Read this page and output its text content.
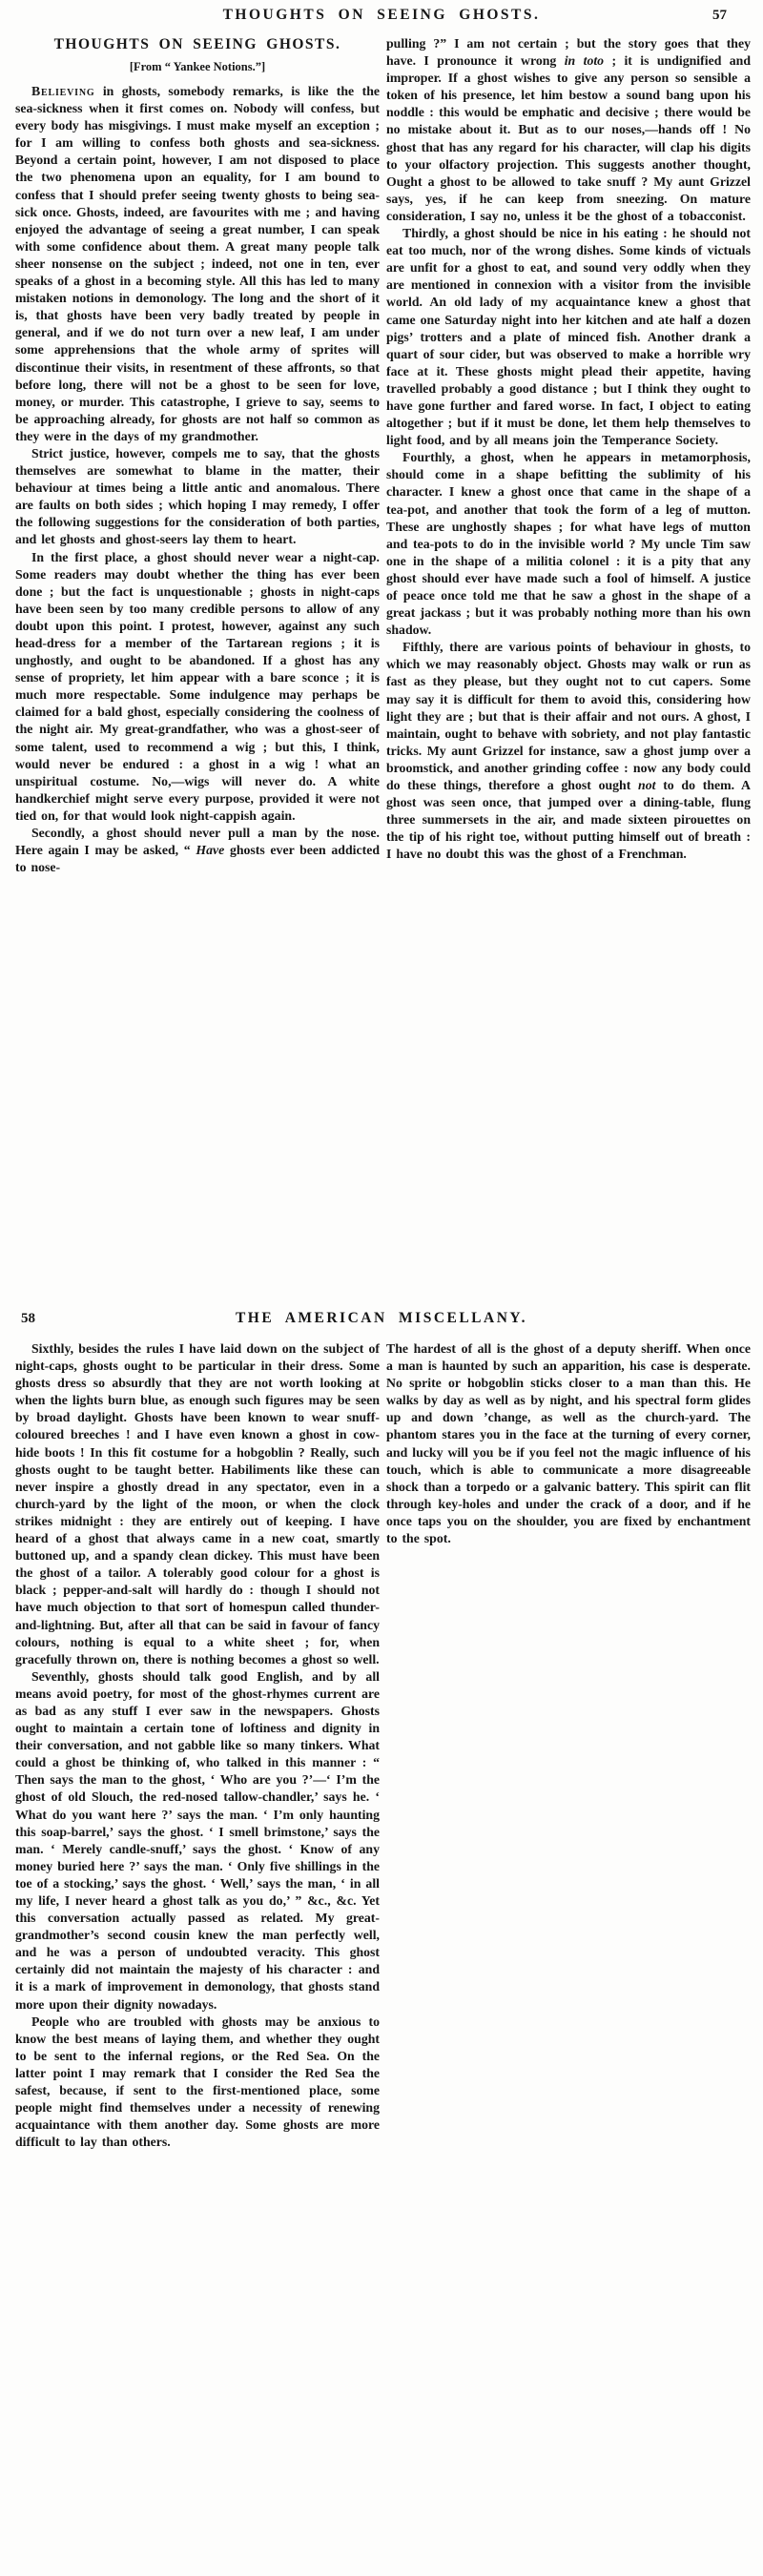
THOUGHTS ON SEEING GHOSTS.	57
THOUGHTS ON SEEING GHOSTS.
[From “ Yankee Notions.”]

Believing in ghosts, somebody remarks, is like the the sea-sickness when it first comes on. Nobody will confess, but every body has misgivings. I must make myself an exception ; for I am willing to confess both ghosts and sea-sickness. Beyond a certain point, however, I am not disposed to place the two phenomena upon an equality, for I am bound to confess that I should prefer seeing twenty ghosts to being sea-sick once. Ghosts, indeed, are favourites with me ; and having enjoyed the advantage of seeing a great number, I can speak with some confidence about them. A great many people talk sheer nonsense on the subject ; indeed, not one in ten, ever speaks of a ghost in a becoming style. All this has led to many mistaken notions in demonology. The long and the short of it is, that ghosts have been very badly treated by people in general, and if we do not turn over a new leaf, I am under some apprehensions that the whole army of sprites will discontinue their visits, in resentment of these affronts, so that before long, there will not be a ghost to be seen for love, money, or murder. This catastrophe, I grieve to say, seems to be approaching already, for ghosts are not half so common as they were in the days of my grandmother.

Strict justice, however, compels me to say, that the ghosts themselves are somewhat to blame in the matter, their behaviour at times being a little antic and anomalous. There are faults on both sides ; which hoping I may remedy, I offer the following suggestions for the consideration of both parties, and let ghosts and ghost-seers lay them to heart.

In the first place, a ghost should never wear a night-cap. Some readers may doubt whether the thing has ever been done ; but the fact is unquestionable ; ghosts in night-caps have been seen by too many credible persons to allow of any doubt upon this point. I protest, however, against any such head-dress for a member of the Tartarean regions ; it is unghostly, and ought to be abandoned. If a ghost has any sense of propriety, let him appear with a bare sconce ; it is much more respectable. Some indulgence may perhaps be claimed for a bald ghost, especially considering the coolness of the night air. My great-grandfather, who was a ghost-seer of some talent, used to recommend a wig ; but this, I think, would never be endured : a ghost in a wig ! what an unspiritual costume. No,—wigs will never do. A white handkerchief might serve every purpose, provided it were not tied on, for that would look night-cappish again.

Secondly, a ghost should never pull a man by the nose. Here again I may be asked, “ Have ghosts ever been addicted to nose-

pulling ?” I am not certain ; but the story goes that they have. I pronounce it wrong in toto ; it is undignified and improper. If a ghost wishes to give any person so sensible a token of his presence, let him bestow a sound bang upon his noddle : this would be emphatic and decisive ; there would be no mistake about it. But as to our noses,—hands off ! No ghost that has any regard for his character, will clap his digits to your olfactory projection. This suggests another thought, Ought a ghost to be allowed to take snuff ? My aunt Grizzel says, yes, if he can keep from sneezing. On mature consideration, I say no, unless it be the ghost of a tobacconist.

Thirdly, a ghost should be nice in his eating : he should not eat too much, nor of the wrong dishes. Some kinds of victuals are unfit for a ghost to eat, and sound very oddly when they are mentioned in connexion with a visitor from the invisible world. An old lady of my acquaintance knew a ghost that came one Saturday night into her kitchen and ate half a dozen pigs’ trotters and a plate of minced fish. Another drank a quart of sour cider, but was observed to make a horrible wry face at it. These ghosts might plead their appetite, having travelled probably a good distance ; but I think they ought to have gone further and fared worse. In fact, I object to eating altogether ; but if it must be done, let them help themselves to light food, and by all means join the Temperance Society.

Fourthly, a ghost, when he appears in metamorphosis, should come in a shape befitting the sublimity of his character. I knew a ghost once that came in the shape of a tea-pot, and another that took the form of a leg of mutton. These are unghostly shapes ; for what have legs of mutton and tea-pots to do in the invisible world ? My uncle Tim saw one in the shape of a militia colonel : it is a pity that any ghost should ever have made such a fool of himself. A justice of peace once told me that he saw a ghost in the shape of a great jackass ; but it was probably nothing more than his own shadow.

Fifthly, there are various points of behaviour in ghosts, to which we may reasonably object. Ghosts may walk or run as fast as they please, but they ought not to cut capers. Some may say it is difficult for them to avoid this, considering how light they are ; but that is their affair and not ours. A ghost, I maintain, ought to behave with sobriety, and not play fantastic tricks. My aunt Grizzel for instance, saw a ghost jump over a broomstick, and another grinding coffee : now any body could do these things, therefore a ghost ought not to do them. A ghost was seen once, that jumped over a dining-table, flung three summersets in the air, and made sixteen pirouettes on the tip of his right toe, without putting himself out of breath : I have no doubt this was the ghost of a Frenchman.

58	THE AMERICAN MISCELLANY.

Sixthly, besides the rules I have laid down on the subject of night-caps, ghosts ought to be particular in their dress. Some ghosts dress so absurdly that they are not worth looking at when the lights burn blue, as enough such figures may be seen by broad daylight. Ghosts have been known to wear snuff-coloured breeches ! and I have even known a ghost in cow-hide boots ! In this fit costume for a hobgoblin ? Really, such ghosts ought to be taught better. Habiliments like these can never inspire a ghostly dread in any spectator, even in a church-yard by the light of the moon, or when the clock strikes midnight : they are entirely out of keeping. I have heard of a ghost that always came in a new coat, smartly buttoned up, and a spandy clean dickey. This must have been the ghost of a tailor. A tolerably good colour for a ghost is black ; pepper-and-salt will hardly do : though I should not have much objection to that sort of homespun called thunder-and-lightning. But, after all that can be said in favour of fancy colours, nothing is equal to a white sheet ; for, when gracefully thrown on, there is nothing becomes a ghost so well.

Seventhly, ghosts should talk good English, and by all means avoid poetry, for most of the ghost-rhymes current are as bad as any stuff I ever saw in the newspapers. Ghosts ought to maintain a certain tone of loftiness and dignity in their conversation, and not gabble like so many tinkers. What could a ghost be thinking of, who talked in this manner : “ Then says the man to the ghost, ‘ Who are you ?’—‘ I’m the ghost of old Slouch, the red-nosed tallow-chandler,’ says he. ‘ What do you want here ?’ says the man. ‘ I’m only haunting this soap-barrel,’ says the ghost. ‘ I smell brimstone,’ says the man. ‘ Merely candle-snuff,’ says the ghost. ‘ Know of any money buried here ?’ says the man. ‘ Only five shillings in the toe of a stocking,’ says the ghost. ‘ Well,’ says the man, ‘ in all my life, I never heard a ghost talk as you do,’ ” &c., &c. Yet this conversation actually passed as related. My great-grandmother’s second cousin knew the man perfectly well, and he was a person of undoubted veracity. This ghost certainly did not maintain the majesty of his character : and it is a mark of improvement in demonology, that ghosts stand more upon their dignity nowadays.

People who are troubled with ghosts may be anxious to know the best means of laying them, and whether they ought to be sent to the infernal regions, or the Red Sea. On the latter point I may remark that I consider the Red Sea the safest, because, if sent to the first-mentioned place, some people might find themselves under a necessity of renewing acquaintance with them another day. Some ghosts are more difficult to lay than others.

The hardest of all is the ghost of a deputy sheriff. When once a man is haunted by such an apparition, his case is desperate. No sprite or hobgoblin sticks closer to a man than this. He walks by day as well as by night, and his spectral form glides up and down ’change, as well as the church-yard. The phantom stares you in the face at the turning of every corner, and lucky will you be if you feel not the magic influence of his touch, which is able to communicate a more disagreeable shock than a torpedo or a galvanic battery. This spirit can flit through key-holes and under the crack of a door, and if he once taps you on the shoulder, you are fixed by enchantment to the spot.
